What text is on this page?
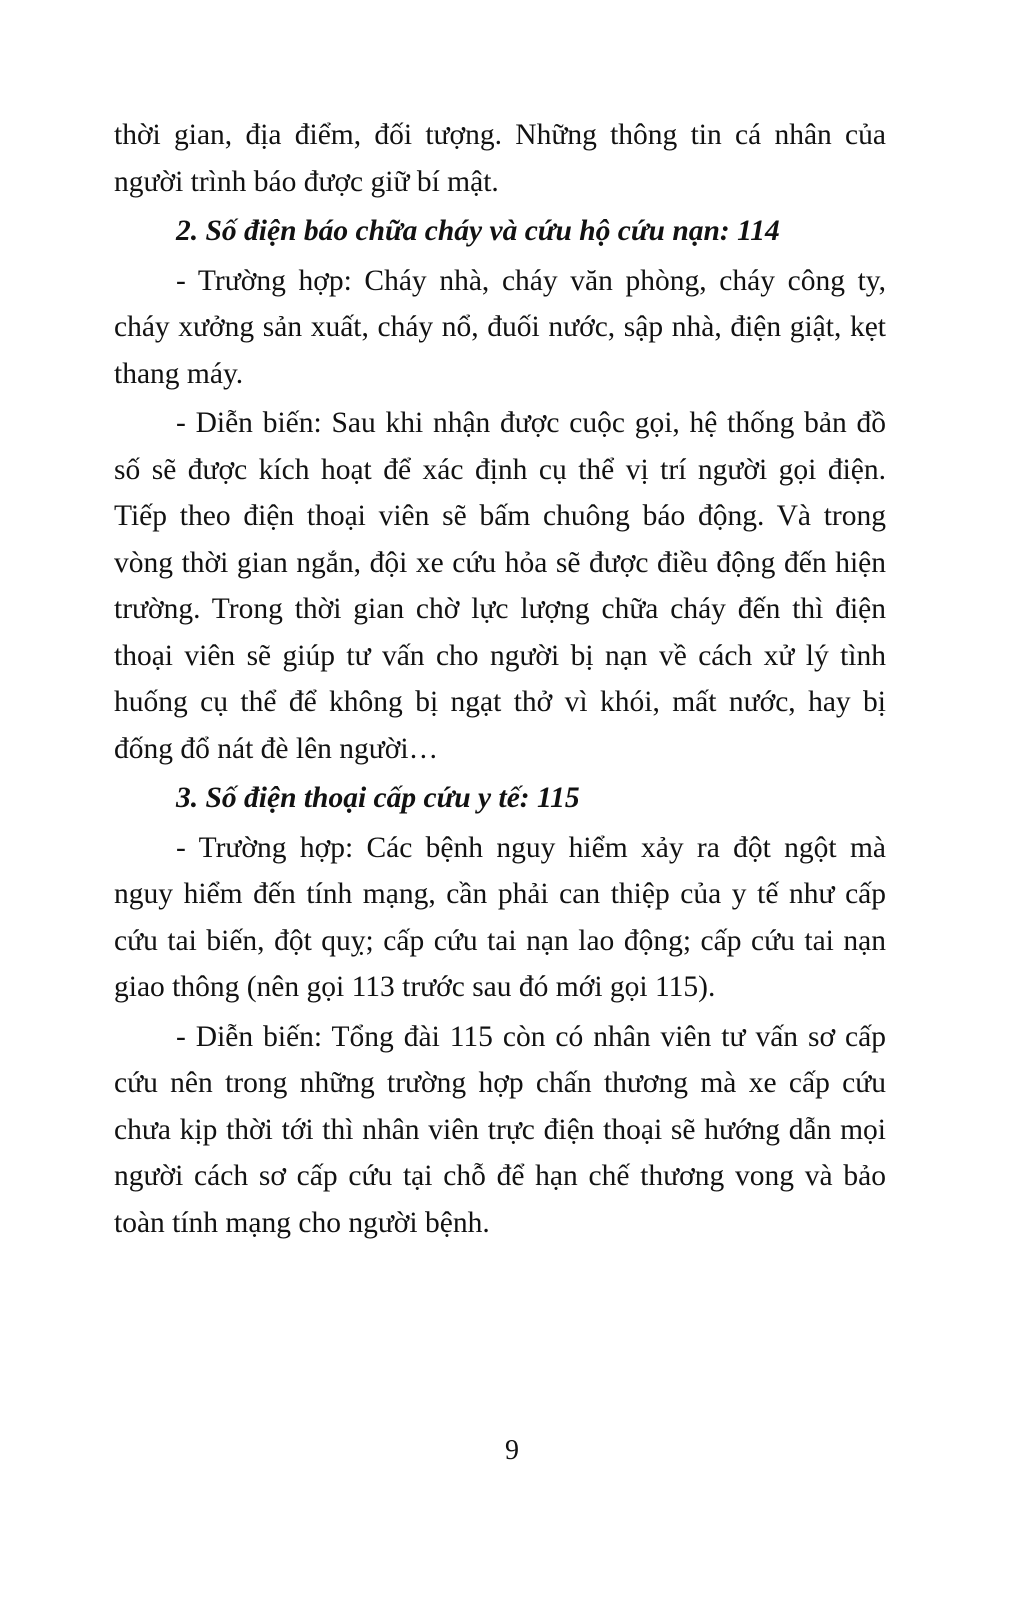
thời gian, địa điểm, đối tượng. Những thông tin cá nhân của người trình báo được giữ bí mật.

2. Số điện báo chữa cháy và cứu hộ cứu nạn: 114

- Trường hợp: Cháy nhà, cháy văn phòng, cháy công ty, cháy xưởng sản xuất, cháy nổ, đuối nước, sập nhà, điện giật, kẹt thang máy.

- Diễn biến: Sau khi nhận được cuộc gọi, hệ thống bản đồ số sẽ được kích hoạt để xác định cụ thể vị trí người gọi điện. Tiếp theo điện thoại viên sẽ bấm chuông báo động. Và trong vòng thời gian ngắn, đội xe cứu hỏa sẽ được điều động đến hiện trường. Trong thời gian chờ lực lượng chữa cháy đến thì điện thoại viên sẽ giúp tư vấn cho người bị nạn về cách xử lý tình huống cụ thể để không bị ngạt thở vì khói, mất nước, hay bị đống đổ nát đè lên người…

3. Số điện thoại cấp cứu y tế: 115

- Trường hợp: Các bệnh nguy hiểm xảy ra đột ngột mà nguy hiểm đến tính mạng, cần phải can thiệp của y tế như cấp cứu tai biến, đột quỵ; cấp cứu tai nạn lao động; cấp cứu tai nạn giao thông (nên gọi 113 trước sau đó mới gọi 115).

- Diễn biến: Tổng đài 115 còn có nhân viên tư vấn sơ cấp cứu nên trong những trường hợp chấn thương mà xe cấp cứu chưa kịp thời tới thì nhân viên trực điện thoại sẽ hướng dẫn mọi người cách sơ cấp cứu tại chỗ để hạn chế thương vong và bảo toàn tính mạng cho người bệnh.

9
